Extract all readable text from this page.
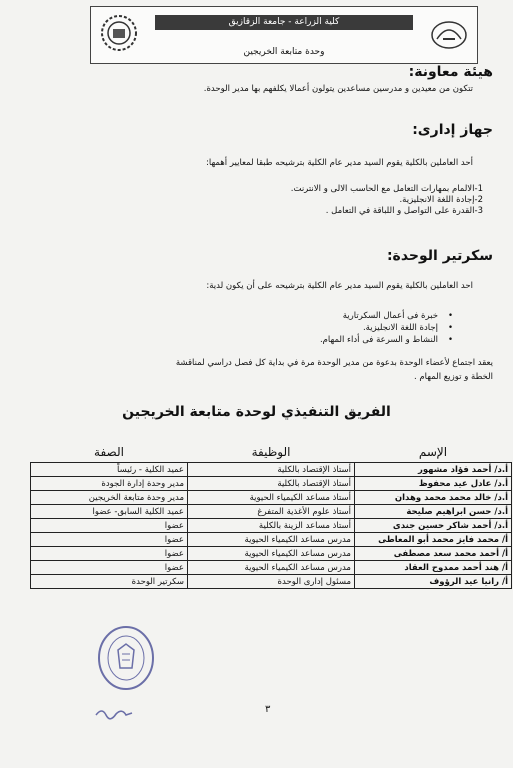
كلية الزراعة - جامعة الزقازيق
وحدة متابعة الخريجين
هيئة معاونة:
تتكون من معيدين و مدرسين مساعدين يتولون أعمالا يكلفهم بها مدير الوحدة.
جهاز إدارى:
أحد العاملين بالكلية يقوم السيد مدير عام الكلية بترشيحه طبقا لمعايير أهمها:
1-الالمام بمهارات التعامل مع الحاسب الالى و الانترنت.
2-إجادة اللغة الانجليزية.
3-القدرة على التواصل و اللباقة في التعامل .
سكرتير الوحدة:
احد العاملين بالكلية يقوم السيد مدير عام الكلية بترشيحه على أن يكون لدية:
• خبرة فى أعمال السكرتارية
• إجادة اللغة الانجليزية.
• النشاط و السرعة فى أداء المهام.
يعقد اجتماع لأعضاء الوحدة بدعوة من مدير الوحدة مرة في بداية كل فصل دراسي لمناقشة
الخطة و توزيع المهام .
الفريق التنفيذي لوحدة متابعة الخريجين
الإسم	الوظيفة	الصفة
أ.د/ أحمد فؤاد مشهور	أستاذ الإقتصاد بالكلية	عميد الكلية - رئيساً
أ.د/ عادل عيد محفوظ	أستاذ الإقتصاد بالكلية	مدير وحدة إدارة الجودة
أ.د/ خالد محمد محمد وهدان	أستاذ مساعد الكيمياء الحيوية	مدير وحدة متابعة الخريجين
أ.د/ حسن ابراهيم صليحة	أستاذ علوم الأغذية المتفرغ	عميد الكلية السابق- عضوا
أ.د/ أحمد شاكر حسين جندى	أستاذ مساعد الزينة بالكلية	عضوا
أ/ محمد فايز محمد أبو المعاطى	مدرس مساعد الكيمياء الحيوية	عضوا
أ/ أحمد محمد سعد مصطفى	مدرس مساعد الكيمياء الحيوية	عضوا
أ/ هند أحمد ممدوح العقاد	مدرس مساعد الكيمياء الحيوية	عضوا
أ/ رانيا عيد الرؤوف	مسئول إدارى الوحدة	سكرتير الوحدة
٣
